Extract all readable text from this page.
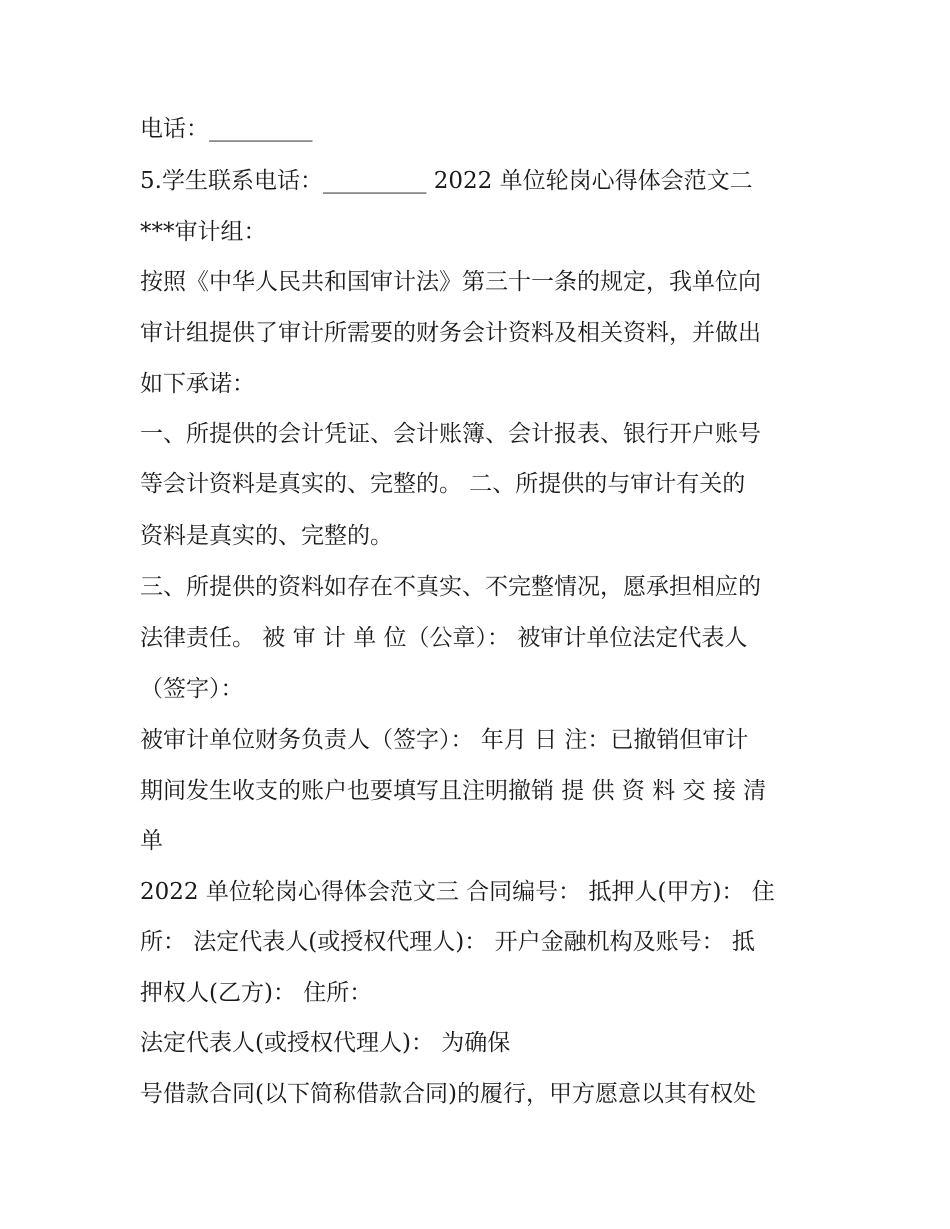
电话：_________
5.学生联系电话：_________ 2022 单位轮岗心得体会范文二
***审计组：
按照《中华人民共和国审计法》第三十一条的规定，我单位向
审计组提供了审计所需要的财务会计资料及相关资料，并做出
如下承诺：
一、所提供的会计凭证、会计账簿、会计报表、银行开户账号
等会计资料是真实的、完整的。 二、所提供的与审计有关的
资料是真实的、完整的。
三、所提供的资料如存在不真实、不完整情况，愿承担相应的
法律责任。 被 审 计 单 位（公章）： 被审计单位法定代表人
（签字）：
被审计单位财务负责人（签字）： 年月 日 注：已撤销但审计
期间发生收支的账户也要填写且注明撤销 提 供 资 料 交 接 清
单
2022 单位轮岗心得体会范文三 合同编号： 抵押人(甲方)： 住
所： 法定代表人(或授权代理人)： 开户金融机构及账号： 抵
押权人(乙方)： 住所：
法定代表人(或授权代理人)： 为确保
号借款合同(以下简称借款合同)的履行，甲方愿意以其有权处
